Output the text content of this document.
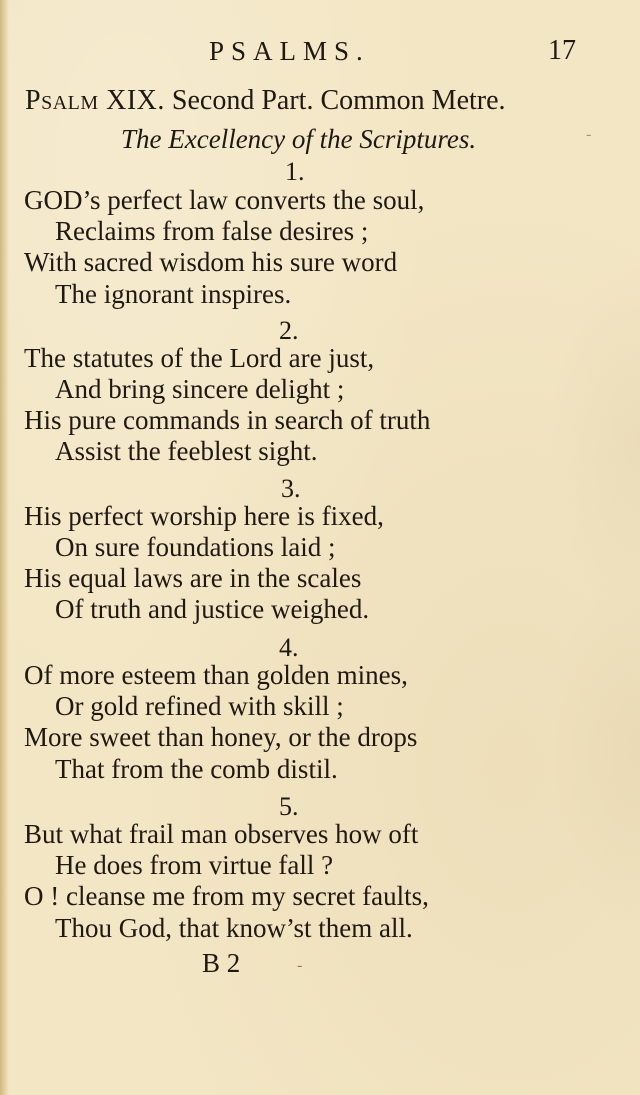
PSALMS.	17
Psalm XIX. Second Part. Common Metre.
The Excellency of the Scriptures.	-
1.
GOD’s perfect law converts the soul,
Reclaims from false desires ;
With sacred wisdom his sure word
The ignorant inspires.
2.
The statutes of the Lord are just,
And bring sincere delight ;
His pure commands in search of truth
Assist the feeblest sight.
3.
His perfect worship here is fixed,
On sure foundations laid ;
His equal laws are in the scales
Of truth and justice weighed.
4.
Of more esteem than golden mines,
Or gold refined with skill ;
More sweet than honey, or the drops
That from the comb distil.
5.
But what frail man observes how oft
He does from virtue fall ?
O ! cleanse me from my secret faults,
Thou God, that know’st them all.
B 2	-
